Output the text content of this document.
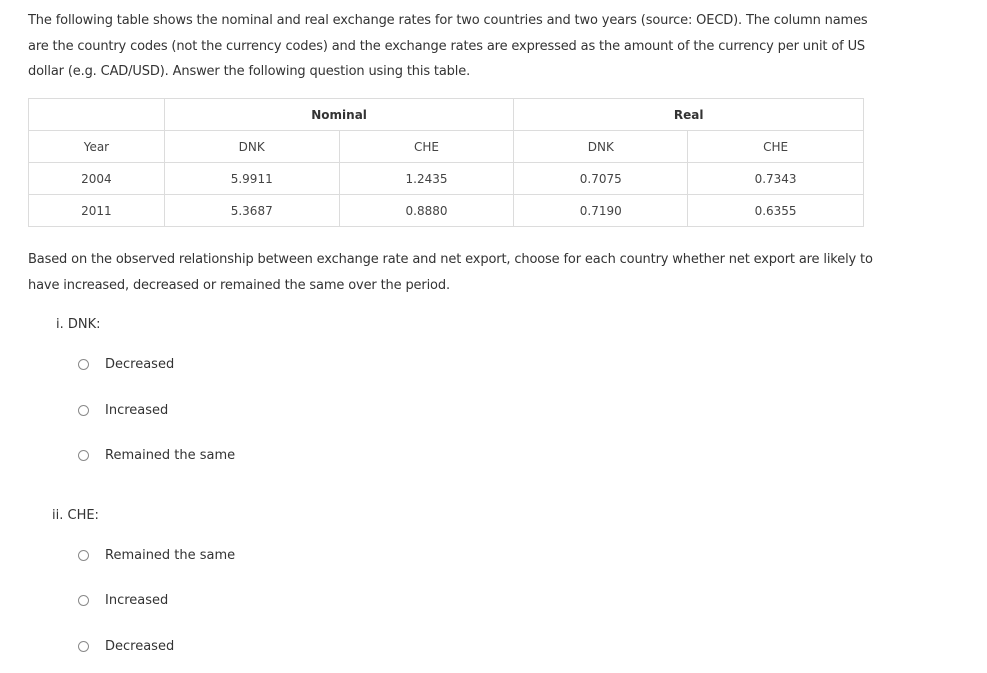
The following table shows the nominal and real exchange rates for two countries and two years (source: OECD). The column names are the country codes (not the currency codes) and the exchange rates are expressed as the amount of the currency per unit of US dollar (e.g. CAD/USD). Answer the following question using this table.
	Nominal		Real	
Year	DNK	CHE	DNK	CHE
2004	5.9911	1.2435	0.7075	0.7343
2011	5.3687	0.8880	0.7190	0.6355
Based on the observed relationship between exchange rate and net export, choose for each country whether net export are likely to have increased, decreased or remained the same over the period.
i. DNK:
Decreased
Increased
Remained the same
ii. CHE:
Remained the same
Increased
Decreased
